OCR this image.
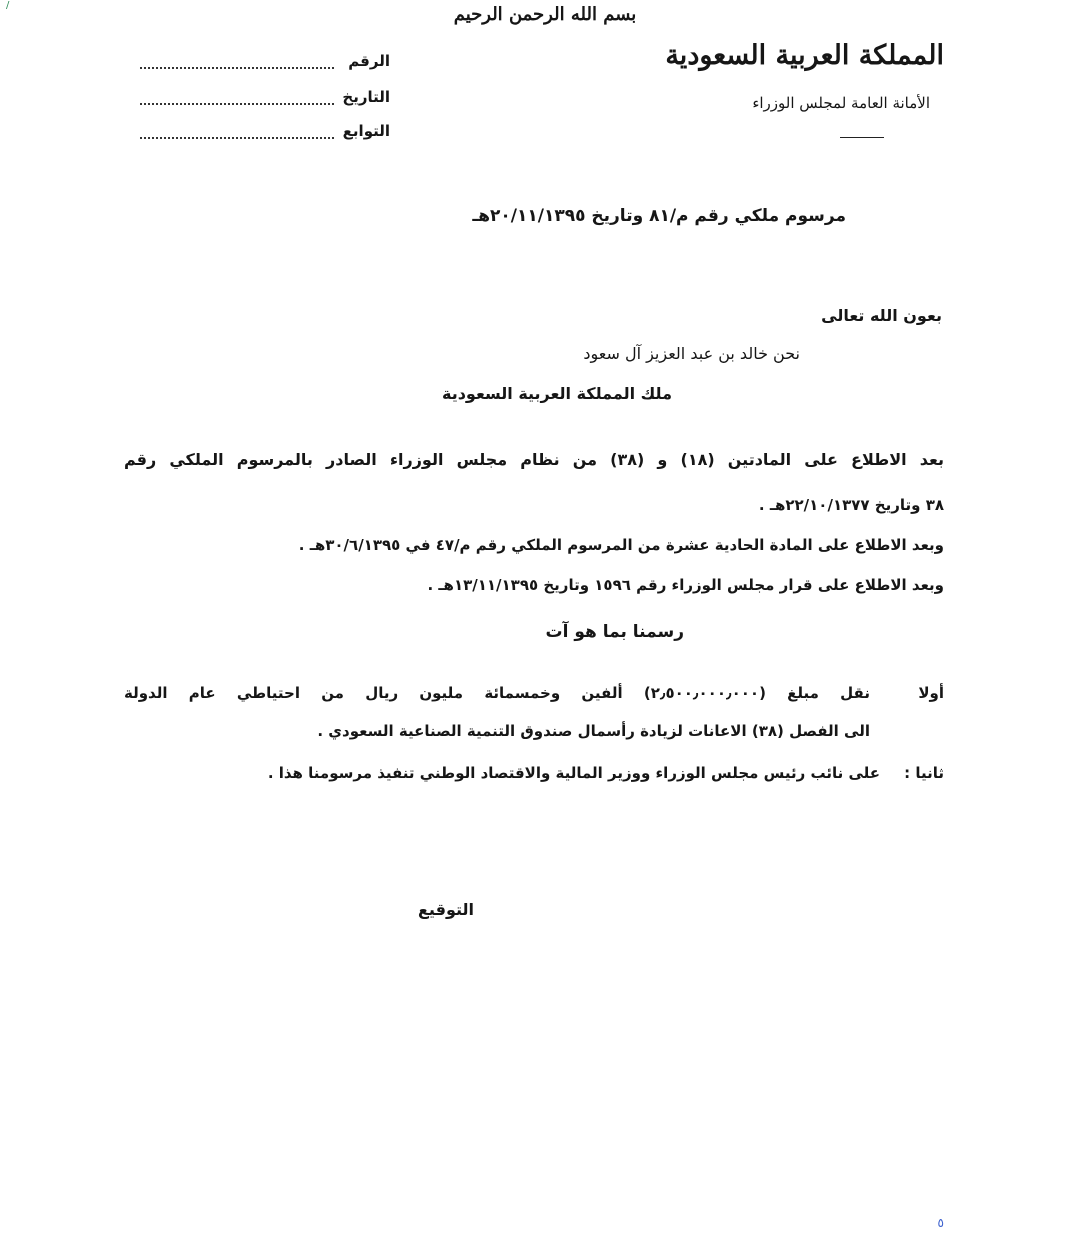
/	بسم الله الرحمن الرحيم
المملكة العربية السعودية
الأمانة العامة لمجلس الوزراء
الرقم
التاريخ
التوابع
مرسوم ملكي رقم م/٨١ وتاريخ ٢٠/١١/١٣٩٥هـ
بعون الله تعالى
نحن خالد بن عبد العزيز آل سعود
ملك المملكة العربية السعودية
بعد الاطلاع على المادتين (١٨) و (٣٨) من نظام مجلس الوزراء الصادر بالمرسوم الملكي رقم
٣٨ وتاريخ ٢٢/١٠/١٣٧٧هـ .
وبعد الاطلاع على المادة الحادية عشرة من المرسوم الملكي رقم م/٤٧ في ٣٠/٦/١٣٩٥هـ .
وبعد الاطلاع على قرار مجلس الوزراء رقم ١٥٩٦ وتاريخ ١٣/١١/١٣٩٥هـ .
رسمنا بما هو آت
أولا
نقل مبلغ (٢٫٥٠٠٫٠٠٠٫٠٠٠) ألفين وخمسمائة مليون ريال من احتياطي عام الدولة
الى الفصل (٣٨) الاعانات لزيادة رأسمال صندوق التنمية الصناعية السعودي .
ثانيا :
على نائب رئيس مجلس الوزراء ووزير المالية والاقتصاد الوطني تنفيذ مرسومنا هذا .
التوقيع
٥
